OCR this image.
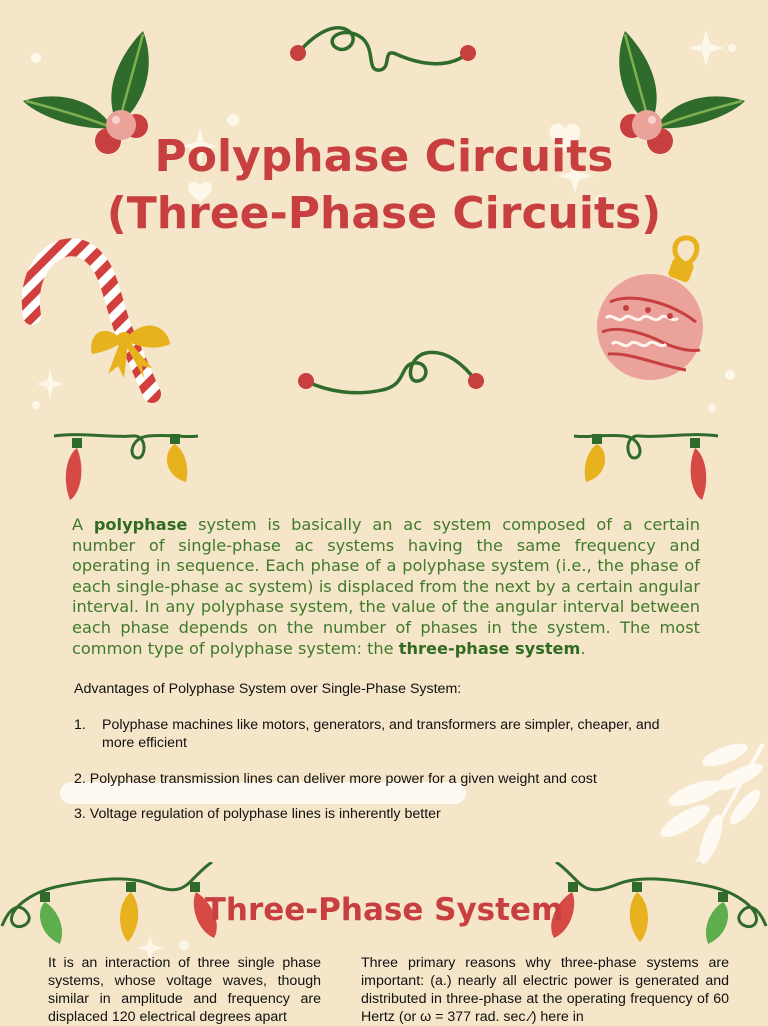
Polyphase Circuits (Three-Phase Circuits)

A polyphase system is basically an ac system composed of a certain number of single-phase ac systems having the same frequency and operating in sequence. Each phase of a polyphase system (i.e., the phase of each single-phase ac system) is displaced from the next by a certain angular interval. In any polyphase system, the value of the angular interval between each phase depends on the number of phases in the system. The most common type of polyphase system: the three-phase system.

Advantages of Polyphase System over Single-Phase System:

1.	Polyphase machines like motors, generators, and transformers are simpler, cheaper, and more efficient

2. Polyphase transmission lines can deliver more power for a given weight and cost

3. Voltage regulation of polyphase lines is inherently better

Three-Phase System

It is an interaction of three single phase systems, whose voltage waves, though similar in amplitude and frequency are displaced 120 electrical degrees apart

Three primary reasons why three-phase systems are important: (a.) nearly all electric power is generated and distributed in three-phase at the operating frequency of 60 Hertz (or ω = 377 rad. sec.⁄) here in
